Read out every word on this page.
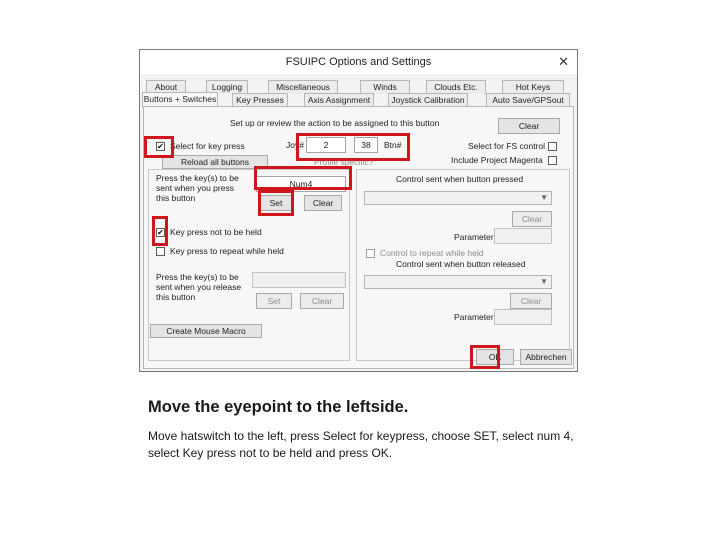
FSUIPC Options and Settings	✕
About	Logging	Miscellaneous	Winds	Clouds Etc.	Hot Keys
Buttons + Switches	Key Presses	Axis Assignment	Joystick Calibration	Auto Save/GPSout
Set up or review the action to be assigned to this button	Clear
✔ Select for key press
Reload all buttons
Joy#	2	38	Btn#
Profile specific?
Select for FS control
Include Project Magenta
Press the key(s) to be sent when you press this button
Num4
Set	Clear
Control sent when button pressed
▼
Clear
Parameter
✔ Key press not to be held
Key press to repeat while held	Control to repeat while held
Control sent when button released
▼
Press the key(s) to be sent when you release this button	Set	Clear	Clear
Parameter
Create Mouse Macro
OK	Abbrechen
Move the eyepoint to the leftside.
Move hatswitch to the left, press Select for keypress, choose SET, select num 4, select Key press not to be held and press OK.
